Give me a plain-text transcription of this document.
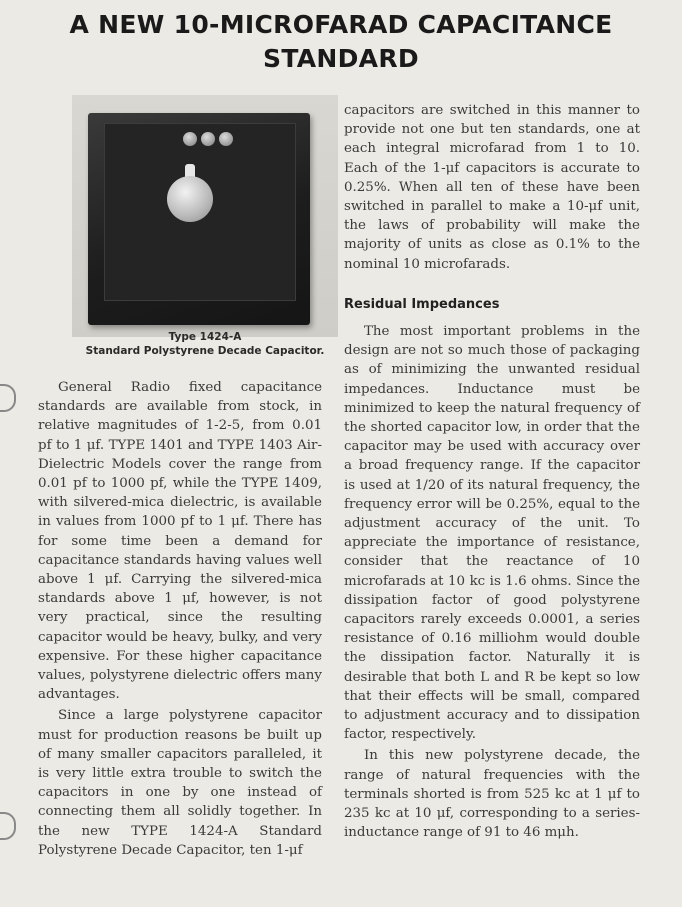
A NEW 10-MICROFARAD CAPACITANCE STANDARD
Type 1424-A
Standard Polystyrene Decade Capacitor.

General Radio fixed capacitance standards are available from stock, in relative magnitudes of 1-2-5, from 0.01 pf to 1 μf. TYPE 1401 and TYPE 1403 Air-Dielectric Models cover the range from 0.01 pf to 1000 pf, while the TYPE 1409, with silvered-mica dielectric, is available in values from 1000 pf to 1 μf. There has for some time been a demand for capacitance standards having values well above 1 μf. Carrying the silvered-mica standards above 1 μf, however, is not very practical, since the resulting capacitor would be heavy, bulky, and very expensive. For these higher capacitance values, polystyrene dielectric offers many advantages.

Since a large polystyrene capacitor must for production reasons be built up of many smaller capacitors paralleled, it is very little extra trouble to switch the capacitors in one by one instead of connecting them all solidly together. In the new TYPE 1424-A Standard Polystyrene Decade Capacitor, ten 1-μf

capacitors are switched in this manner to provide not one but ten standards, one at each integral microfarad from 1 to 10. Each of the 1-μf capacitors is accurate to 0.25%. When all ten of these have been switched in parallel to make a 10-μf unit, the laws of probability will make the majority of units as close as 0.1% to the nominal 10 microfarads.

Residual Impedances

The most important problems in the design are not so much those of packaging as of minimizing the unwanted residual impedances. Inductance must be minimized to keep the natural frequency of the shorted capacitor low, in order that the capacitor may be used with accuracy over a broad frequency range. If the capacitor is used at 1/20 of its natural frequency, the frequency error will be 0.25%, equal to the adjustment accuracy of the unit. To appreciate the importance of resistance, consider that the reactance of 10 microfarads at 10 kc is 1.6 ohms. Since the dissipation factor of good polystyrene capacitors rarely exceeds 0.0001, a series resistance of 0.16 milliohm would double the dissipation factor. Naturally it is desirable that both L and R be kept so low that their effects will be small, compared to adjustment accuracy and to dissipation factor, respectively.

In this new polystyrene decade, the range of natural frequencies with the terminals shorted is from 525 kc at 1 μf to 235 kc at 10 μf, corresponding to a series-inductance range of 91 to 46 mμh.
